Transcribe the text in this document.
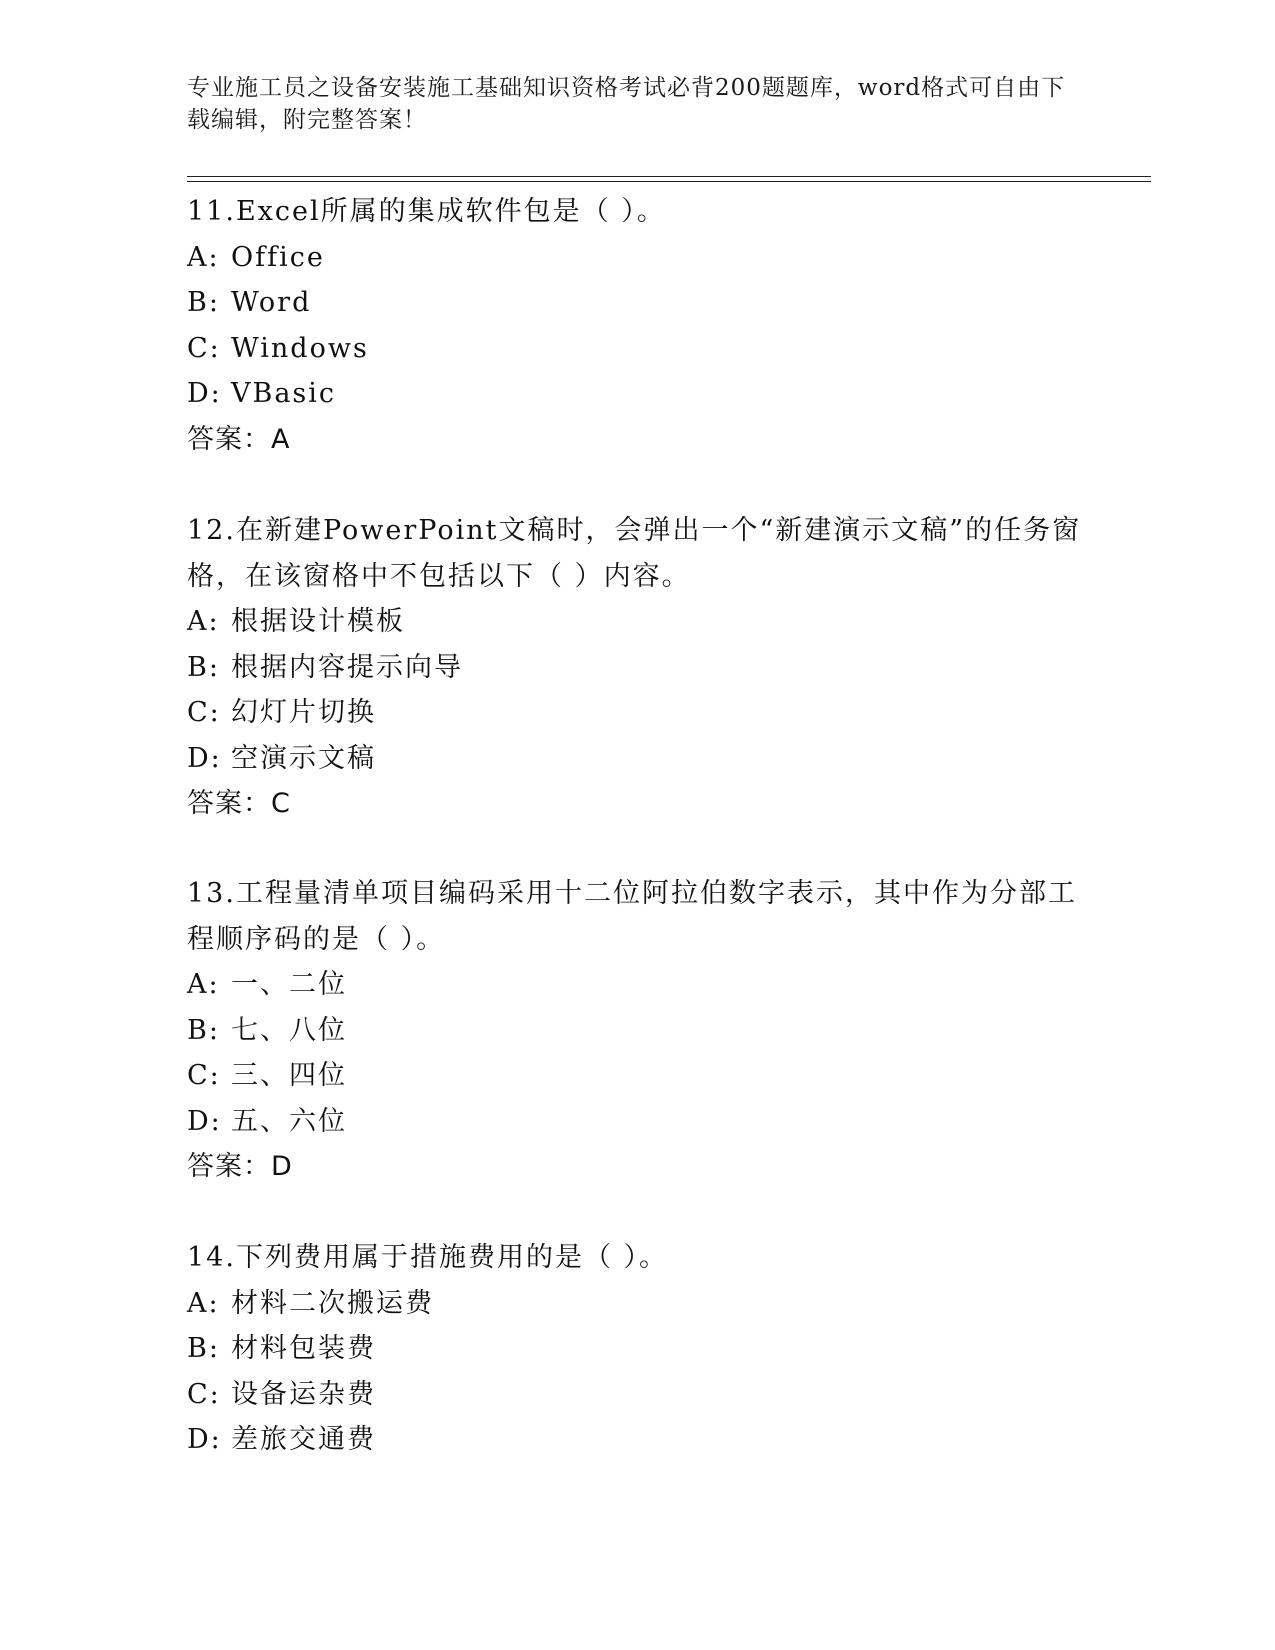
专业施工员之设备安装施工基础知识资格考试必背200题题库，word格式可自由下载编辑，附完整答案！

11.Excel所属的集成软件包是（ ）。

A: Office

B: Word

C: Windows

D: VBasic

答案：A

12.在新建PowerPoint文稿时，会弹出一个“新建演示文稿”的任务窗格，在该窗格中不包括以下（ ）内容。

A: 根据设计模板

B: 根据内容提示向导

C: 幻灯片切换

D: 空演示文稿

答案：C

13.工程量清单项目编码采用十二位阿拉伯数字表示，其中作为分部工程顺序码的是（ ）。

A: 一、二位

B: 七、八位

C: 三、四位

D: 五、六位

答案：D

14.下列费用属于措施费用的是（ ）。

A: 材料二次搬运费

B: 材料包装费

C: 设备运杂费

D: 差旅交通费
